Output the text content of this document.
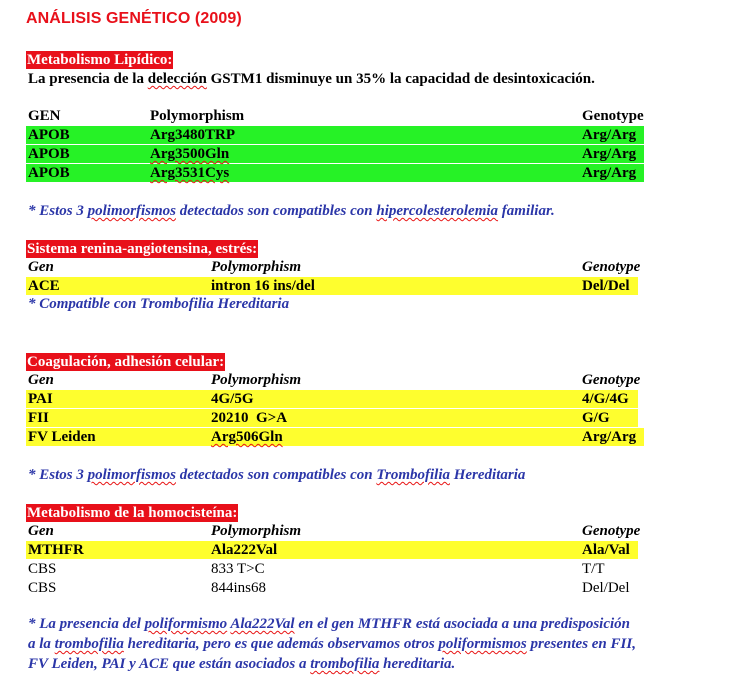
ANÁLISIS GENÉTICO (2009)
Metabolismo Lipídico:
La presencia de la delección GSTM1 disminuye un 35% la capacidad de desintoxicación.
GEN	Polymorphism	Genotype
APOB	Arg3480TRP	Arg/Arg
APOB	Arg3500Gln	Arg/Arg
APOB	Arg3531Cys	Arg/Arg
* Estos 3 polimorfismos detectados son compatibles con hipercolesterolemia familiar.
Sistema renina-angiotensina, estrés:
Gen	Polymorphism	Genotype
ACE	intron 16 ins/del	Del/Del
* Compatible con Trombofilia Hereditaria
Coagulación, adhesión celular:
Gen	Polymorphism	Genotype
PAI	4G/5G	4/G/4G
FII	20210  G>A	G/G
FV Leiden	Arg506Gln	Arg/Arg
* Estos 3 polimorfismos detectados son compatibles con Trombofilia Hereditaria
Metabolismo de la homocisteína:
Gen	Polymorphism	Genotype
MTHFR	Ala222Val	Ala/Val
CBS	833 T>C	T/T
CBS	844ins68	Del/Del
* La presencia del poliformismo Ala222Val en el gen MTHFR está asociada a una predisposición
a la trombofilia hereditaria, pero es que además observamos otros poliformismos presentes en FII,
FV Leiden, PAI y ACE que están asociados a trombofilia hereditaria.
